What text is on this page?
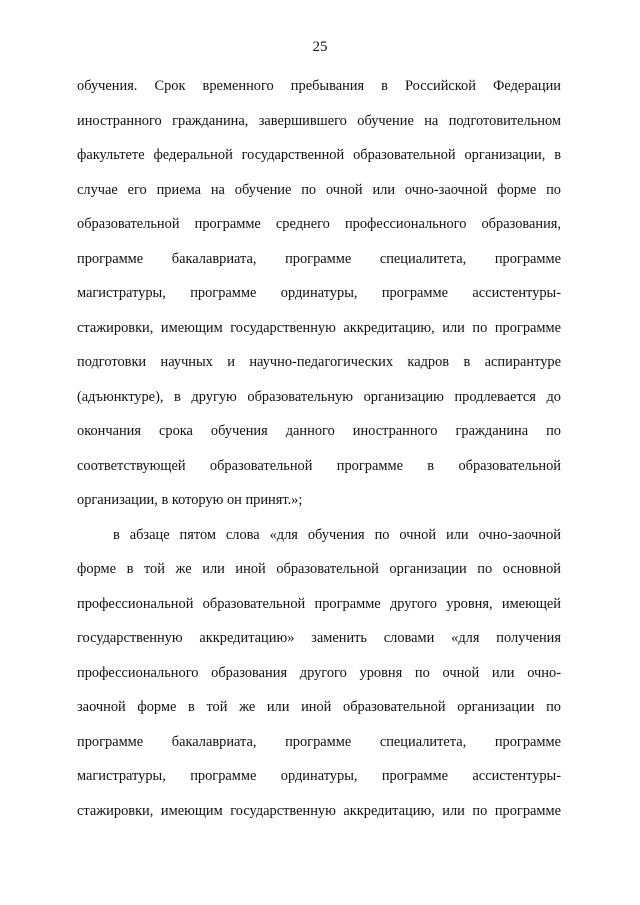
25
обучения. Срок временного пребывания в Российской Федерации
иностранного гражданина, завершившего обучение на подготовительном
факультете федеральной государственной образовательной организации, в
случае его приема на обучение по очной или очно-заочной форме по
образовательной программе среднего профессионального образования,
программе бакалавриата, программе специалитета, программе
магистратуры, программе ординатуры, программе ассистентуры-
стажировки, имеющим государственную аккредитацию, или по программе
подготовки научных и научно-педагогических кадров в аспирантуре
(адъюнктуре), в другую образовательную организацию продлевается до
окончания срока обучения данного иностранного гражданина по
соответствующей образовательной программе в образовательной
организации, в которую он принят.»;
в абзаце пятом слова «для обучения по очной или очно-заочной
форме в той же или иной образовательной организации по основной
профессиональной образовательной программе другого уровня, имеющей
государственную аккредитацию» заменить словами «для получения
профессионального образования другого уровня по очной или очно-
заочной форме в той же или иной образовательной организации по
программе бакалавриата, программе специалитета, программе
магистратуры, программе ординатуры, программе ассистентуры-
стажировки, имеющим государственную аккредитацию, или по программе
